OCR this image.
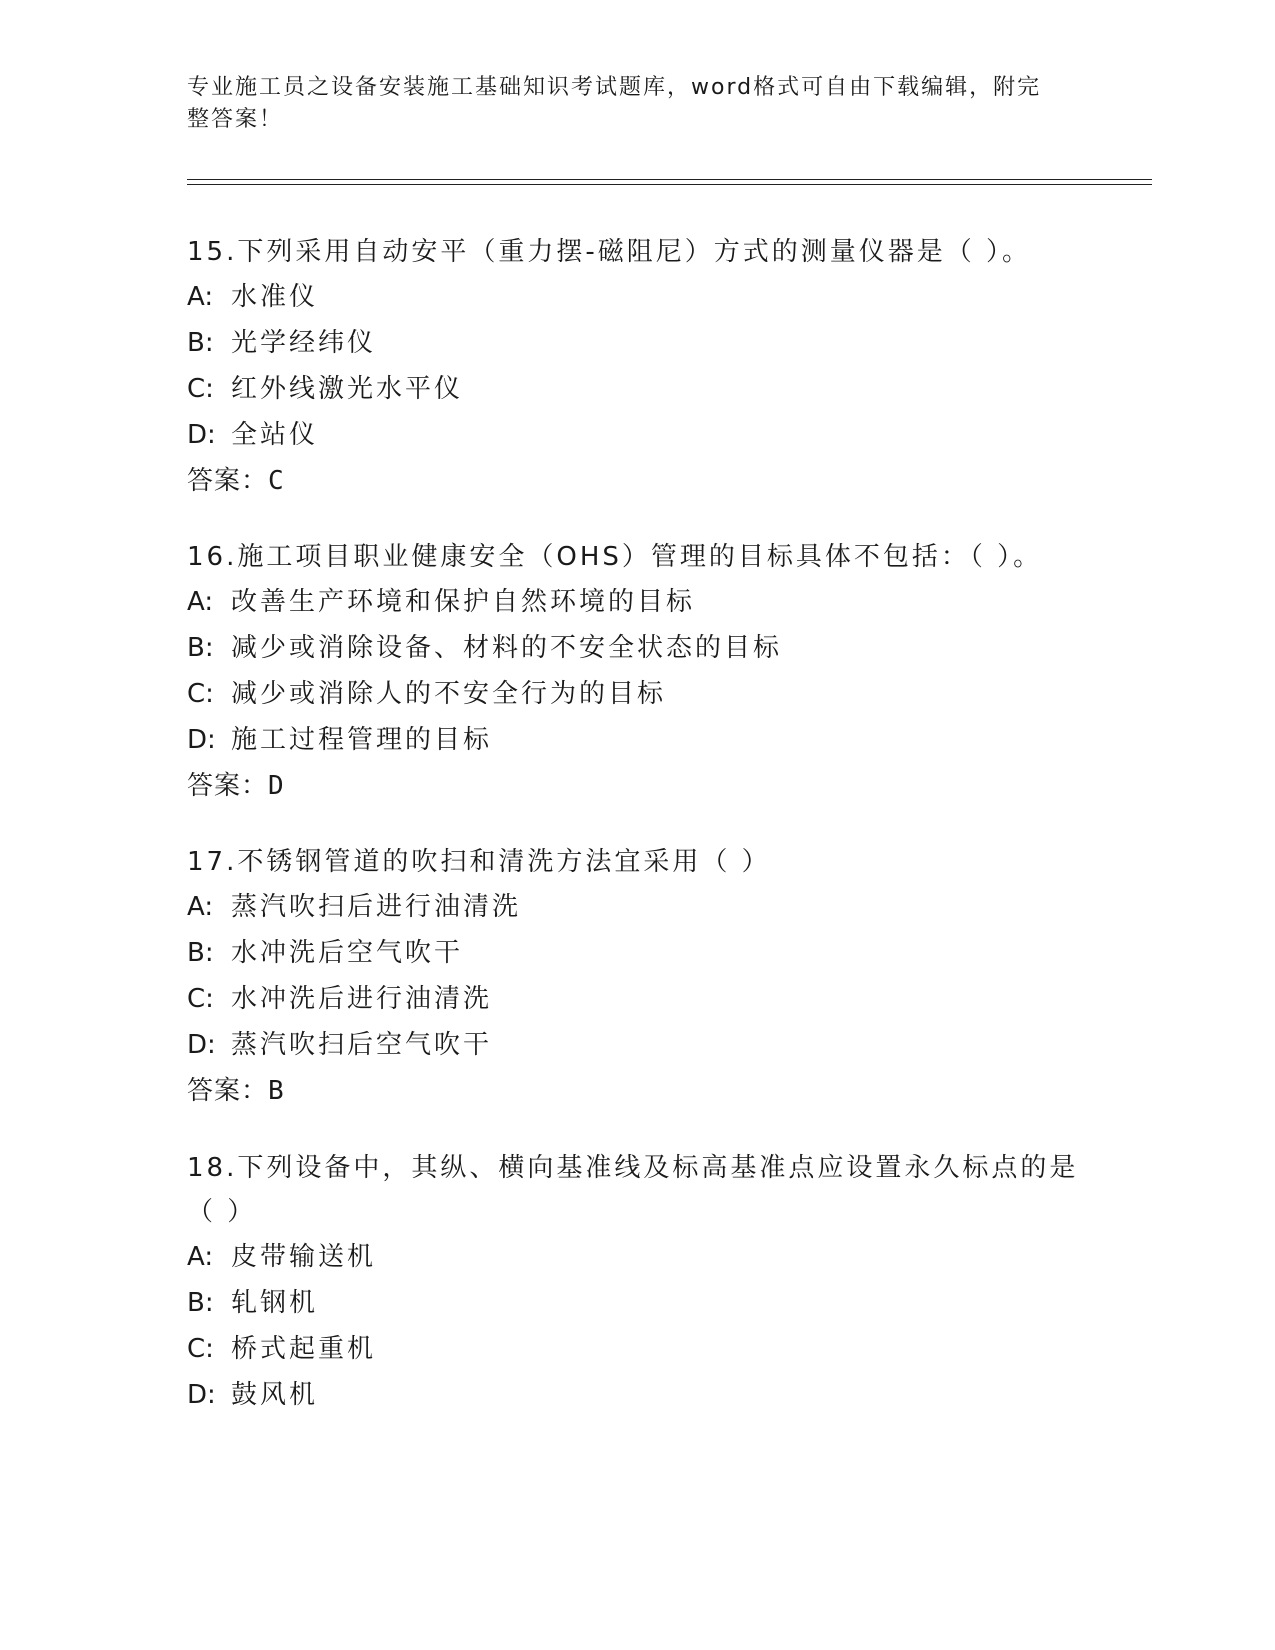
专业施工员之设备安装施工基础知识考试题库，word格式可自由下载编辑，附完
整答案！

15.下列采用自动安平（重力摆-磁阻尼）方式的测量仪器是（ ）。

A: 水准仪

B: 光学经纬仪

C: 红外线激光水平仪

D: 全站仪

答案：C

16.施工项目职业健康安全（OHS）管理的目标具体不包括：（ ）。

A: 改善生产环境和保护自然环境的目标

B: 减少或消除设备、材料的不安全状态的目标

C: 减少或消除人的不安全行为的目标

D: 施工过程管理的目标

答案：D

17.不锈钢管道的吹扫和清洗方法宜采用（ ）

A: 蒸汽吹扫后进行油清洗

B: 水冲洗后空气吹干

C: 水冲洗后进行油清洗

D: 蒸汽吹扫后空气吹干

答案：B

18.下列设备中，其纵、横向基准线及标高基准点应设置永久标点的是

（ ）

A: 皮带输送机

B: 轧钢机

C: 桥式起重机

D: 鼓风机
